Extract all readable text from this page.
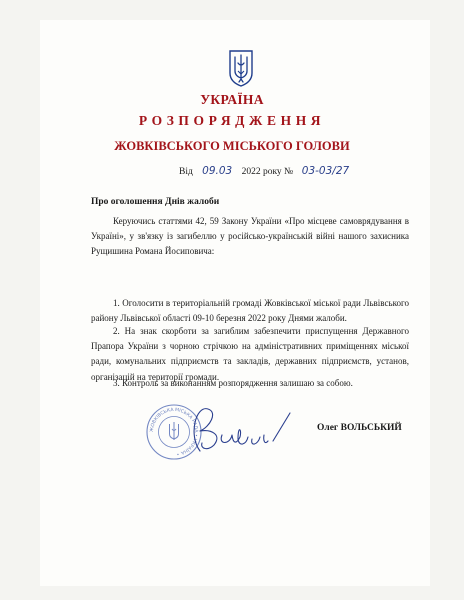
УКРАЇНА
РОЗПОРЯДЖЕННЯ
ЖОВКІВСЬКОГО МІСЬКОГО ГОЛОВИ
Від 09.03 2022 року № 03-03/27
Про оголошення Днів жалоби
Керуючись статтями 42, 59 Закону України «Про місцеве самоврядування в Україні», у зв'язку із загибеллю у російсько-українській війні нашого захисника Рущишина Романа Йосиповича:
1. Оголосити в територіальній громаді Жовківської міської ради Львівського району Львівської області 09-10 березня 2022 року Днями жалоби.
2. На знак скорботи за загиблим забезпечити приспущення Державного Прапора України з чорною стрічкою на адміністративних приміщеннях міської ради, комунальних підприємств та закладів, державних підприємств, установ, організацій на території громади.
3. Контроль за виконанням розпорядження залишаю за собою.
ЖОВКІВСЬКА МІСЬКА РАДА • УКРАЇНА •
Олег ВОЛЬСЬКИЙ
